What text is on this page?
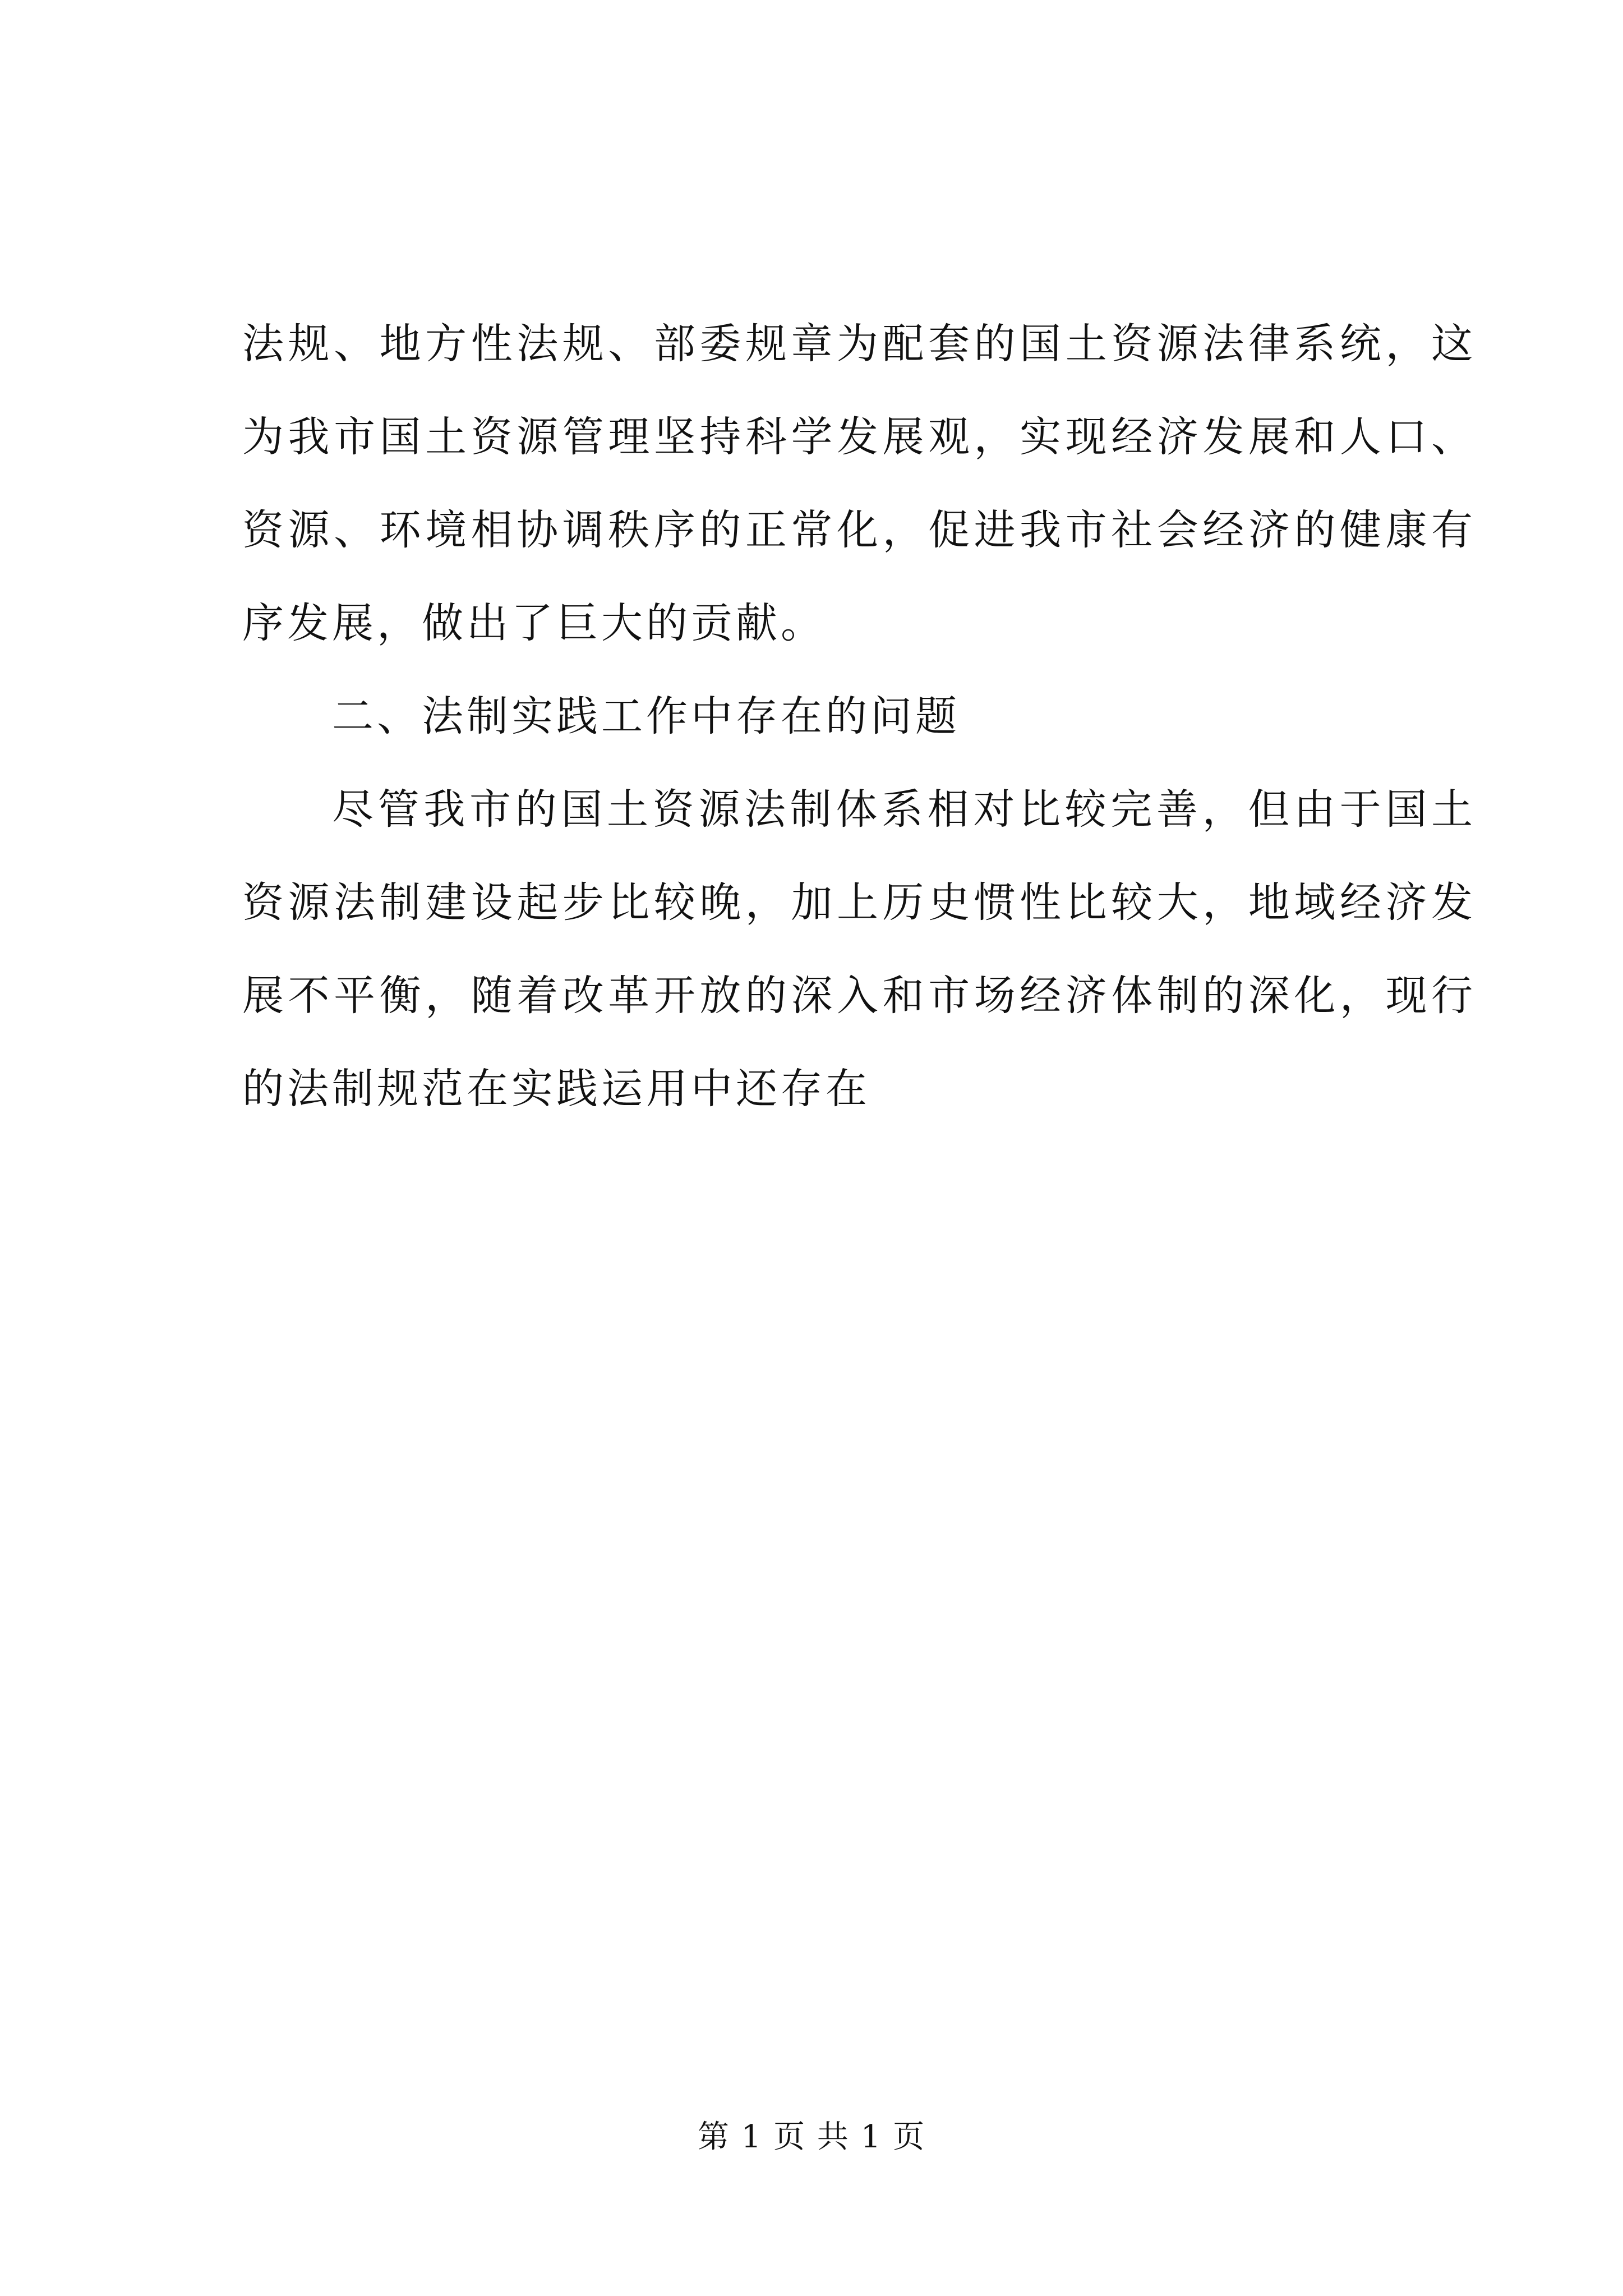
法规、地方性法规、部委规章为配套的国土资源法律系统，这为我市国土资源管理坚持科学发展观，实现经济发展和人口、资源、环境相协调秩序的正常化，促进我市社会经济的健康有序发展，做出了巨大的贡献。

二、法制实践工作中存在的问题

尽管我市的国土资源法制体系相对比较完善，但由于国土资源法制建设起步比较晚，加上历史惯性比较大，地域经济发展不平衡，随着改革开放的深入和市场经济体制的深化，现行的法制规范在实践运用中还存在

第 1 页 共 1 页
